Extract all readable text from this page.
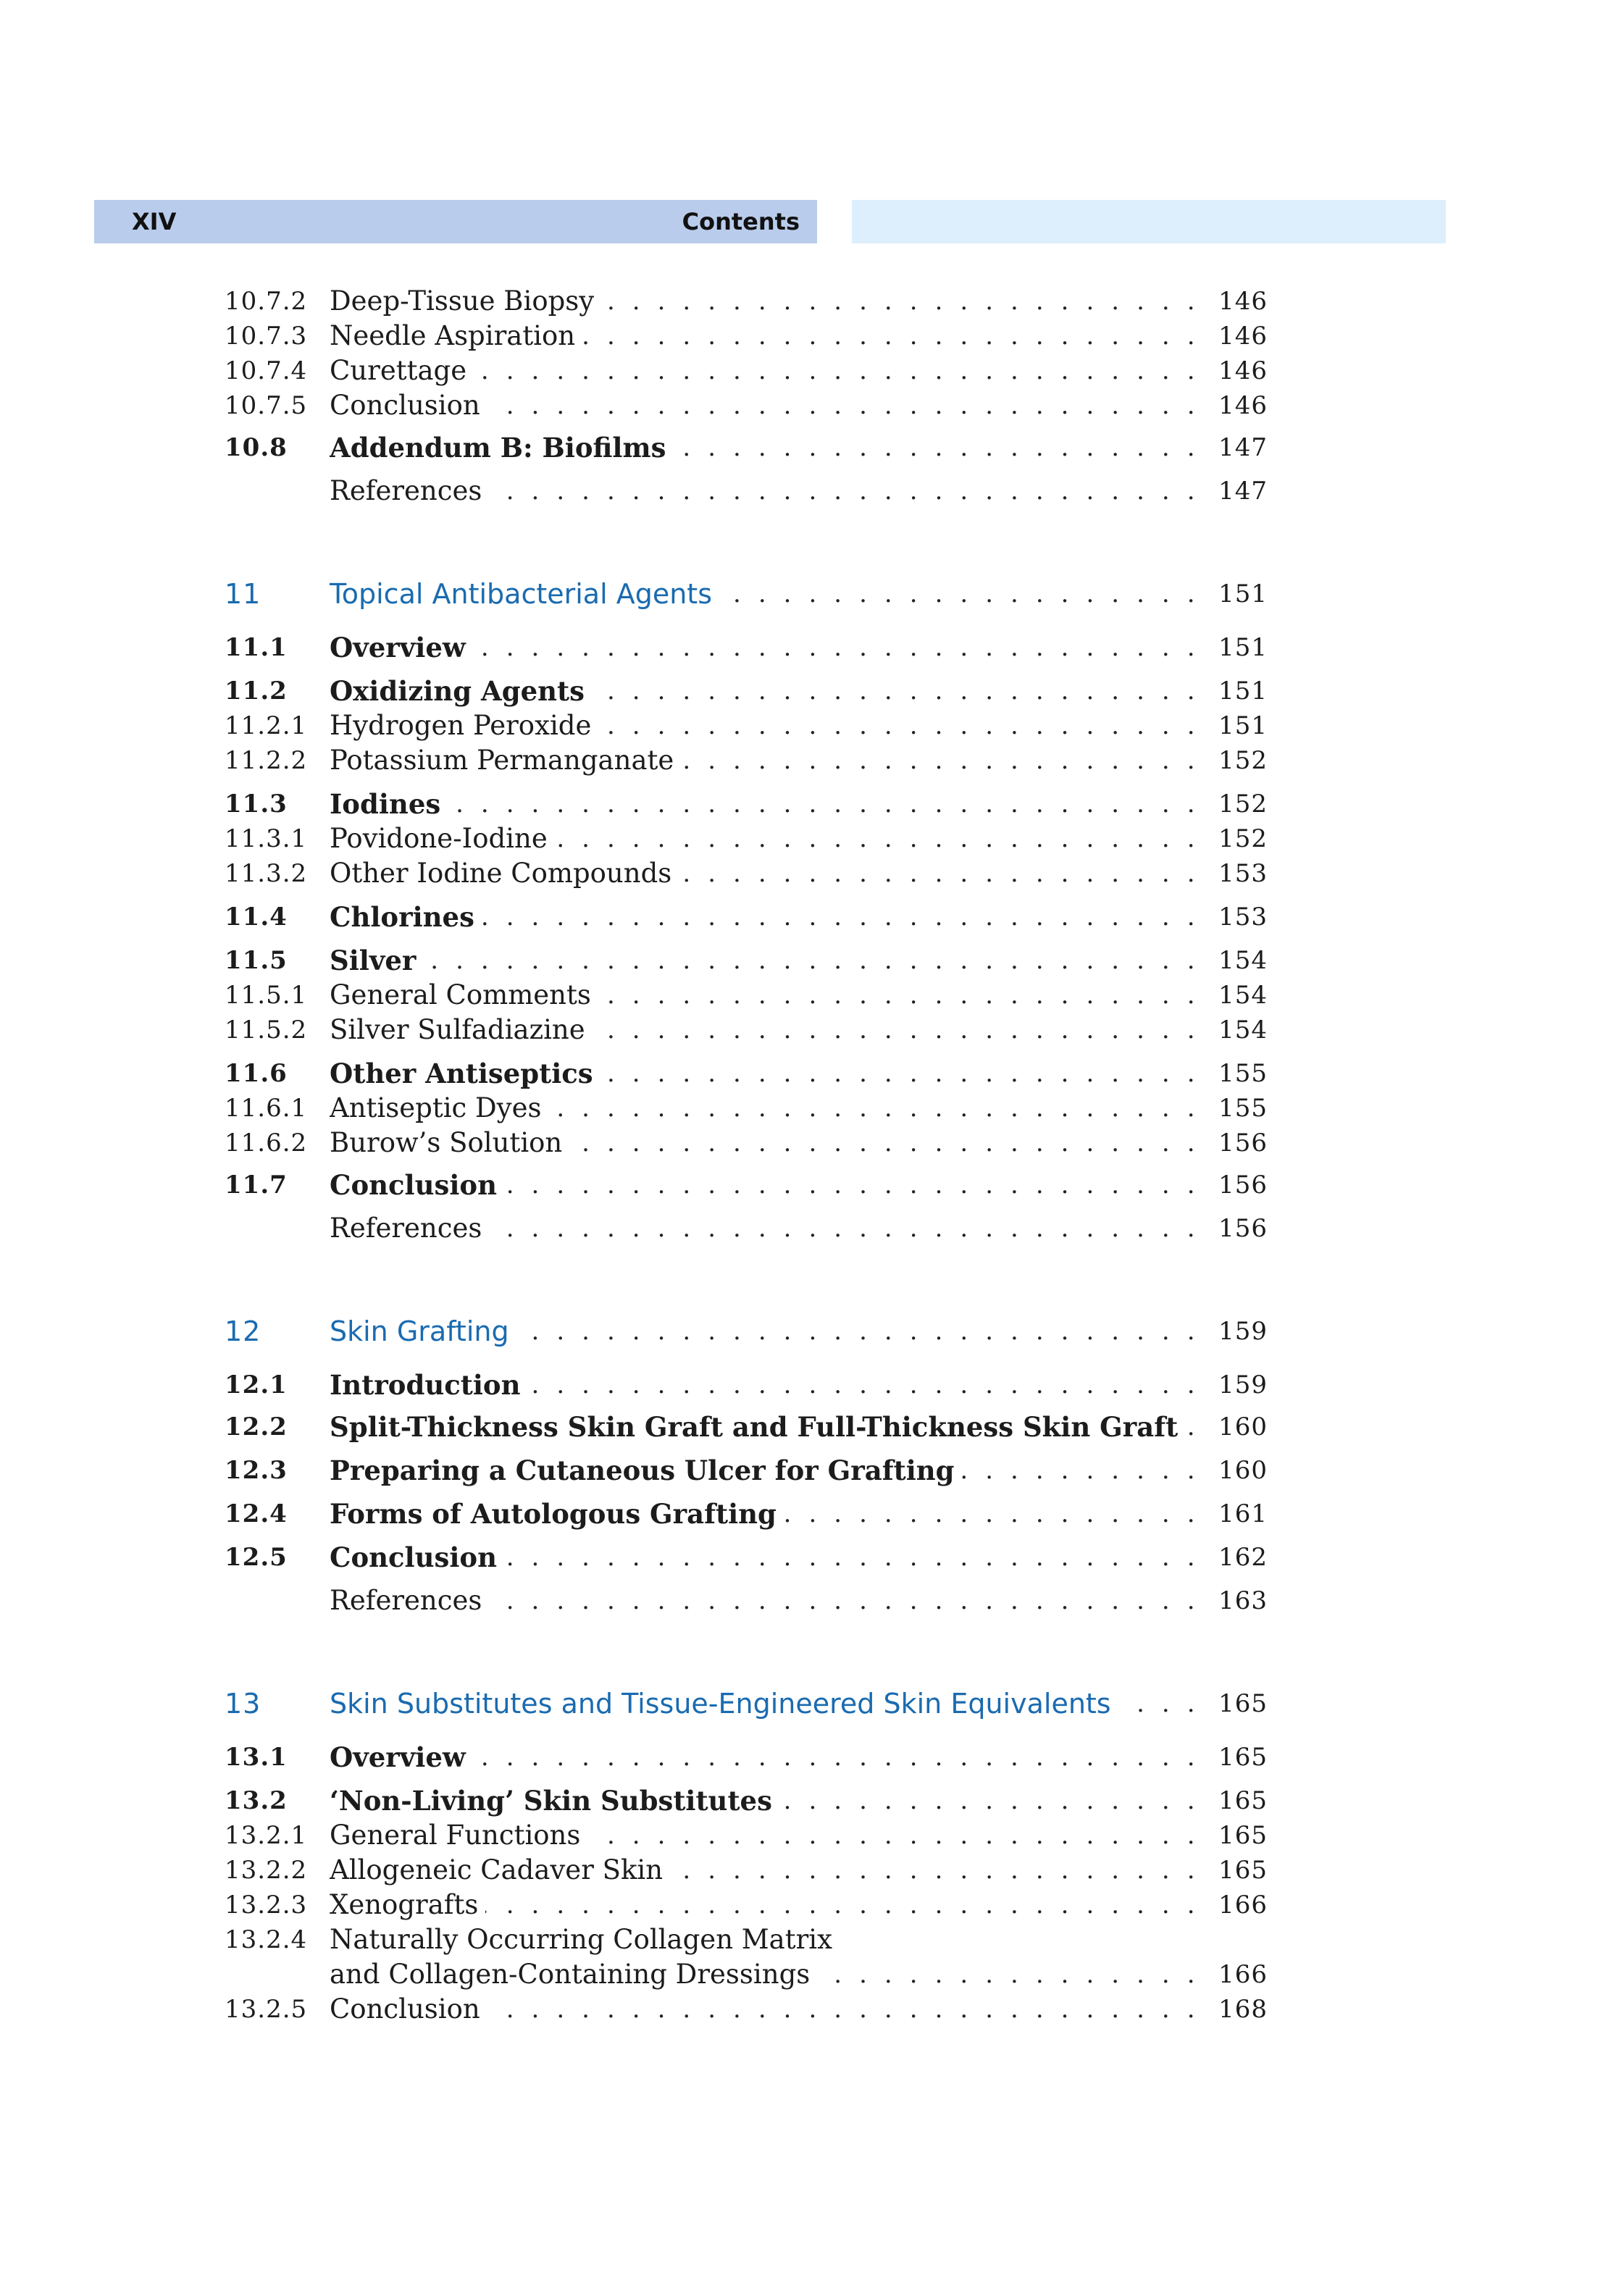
XIV	Contents
10.7.2 . . . Deep-Tissue Biopsy	146
10.7.3 . . . Needle Aspiration	146
10.7.4 . . . Curettage	146
10.7.5 . . . Conclusion	146
10.8 . . . Addendum B: Biofilms	147
. . .
References	147
11 . . . Topical Antibacterial Agents	151
11.1 . . . Overview	151
11.2 . . . Oxidizing Agents	151
11.2.1 . . . Hydrogen Peroxide	151
11.2.2 . . . Potassium Permanganate	152
11.3 . . . Iodines	152
11.3.1 . . . Povidone-Iodine	152
11.3.2 . . . Other Iodine Compounds	153
11.4 . . . Chlorines	153
11.5 . . . Silver	154
11.5.1 . . . General Comments	154
11.5.2 . . . Silver Sulfadiazine	154
11.6 . . . Other Antiseptics	155
11.6.1 . . . Antiseptic Dyes	155
11.6.2 . . . Burow’s Solution	156
11.7 . . . Conclusion	156
. . .
References	156
12 . . . Skin Grafting	159
12.1 . . . Introduction	159
12.2 . . . Split-Thickness Skin Graft and Full-Thickness Skin Graft	160
12.3 . . . Preparing a Cutaneous Ulcer for Grafting	160
12.4 . . . Forms of Autologous Grafting	161
12.5 . . . Conclusion	162
. . .
References	163
13 . . . Skin Substitutes and Tissue-Engineered Skin Equivalents	165
13.1 . . . Overview	165
13.2 . . . ‘Non-Living’ Skin Substitutes	165
13.2.1 . . . General Functions	165
13.2.2 . . . Allogeneic Cadaver Skin	165
13.2.3 . . . Xenografts	166
13.2.4 Naturally Occurring Collagen Matrix
. . .
and Collagen-Containing Dressings	166
13.2.5 . . . Conclusion	168
